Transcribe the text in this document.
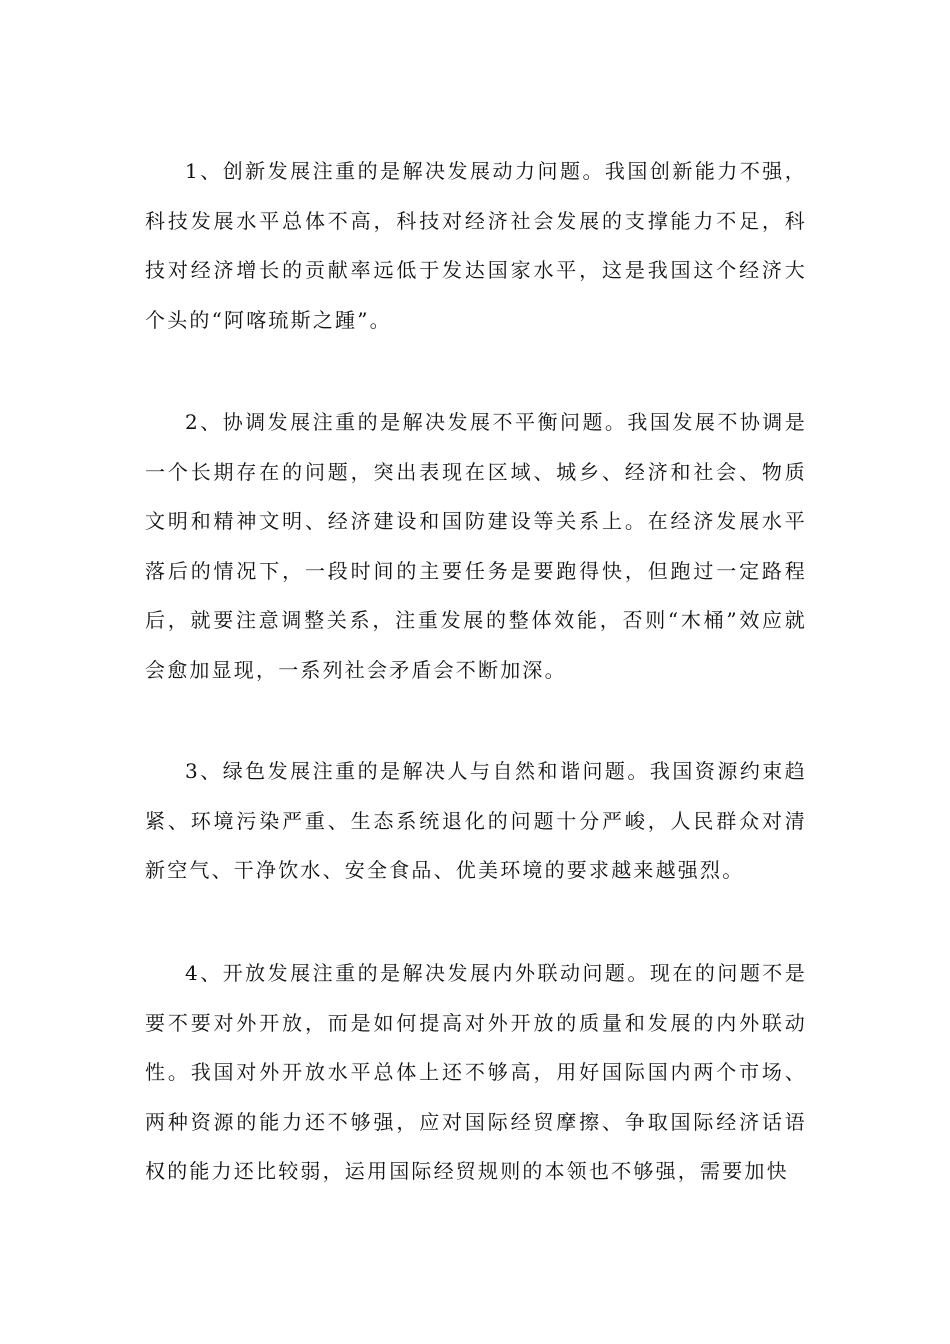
1、创新发展注重的是解决发展动力问题。我国创新能力不强，科技发展水平总体不高，科技对经济社会发展的支撑能力不足，科技对经济增长的贡献率远低于发达国家水平，这是我国这个经济大个头的“阿喀琉斯之踵”。

2、协调发展注重的是解决发展不平衡问题。我国发展不协调是一个长期存在的问题，突出表现在区域、城乡、经济和社会、物质文明和精神文明、经济建设和国防建设等关系上。在经济发展水平落后的情况下，一段时间的主要任务是要跑得快，但跑过一定路程后，就要注意调整关系，注重发展的整体效能，否则“木桶”效应就会愈加显现，一系列社会矛盾会不断加深。

3、绿色发展注重的是解决人与自然和谐问题。我国资源约束趋紧、环境污染严重、生态系统退化的问题十分严峻，人民群众对清新空气、干净饮水、安全食品、优美环境的要求越来越强烈。

4、开放发展注重的是解决发展内外联动问题。现在的问题不是要不要对外开放，而是如何提高对外开放的质量和发展的内外联动性。我国对外开放水平总体上还不够高，用好国际国内两个市场、两种资源的能力还不够强，应对国际经贸摩擦、争取国际经济话语权的能力还比较弱，运用国际经贸规则的本领也不够强，需要加快
